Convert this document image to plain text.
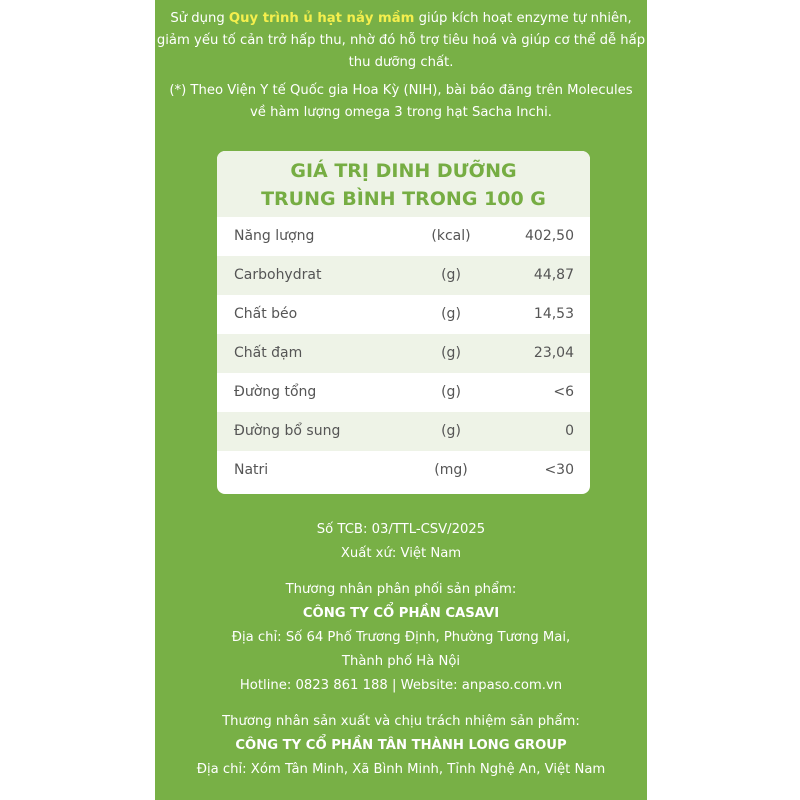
Sử dụng Quy trình ủ hạt nảy mầm giúp kích hoạt enzyme tự nhiên, giảm yếu tố cản trở hấp thu, nhờ đó hỗ trợ tiêu hoá và giúp cơ thể dễ hấp thu dưỡng chất.
(*) Theo Viện Y tế Quốc gia Hoa Kỳ (NIH), bài báo đăng trên Molecules
về hàm lượng omega 3 trong hạt Sacha Inchi.
GIÁ TRỊ DINH DƯỠNG
TRUNG BÌNH TRONG 100 G
Năng lượng	(kcal)	402,50
Carbohydrat	(g)	44,87
Chất béo	(g)	14,53
Chất đạm	(g)	23,04
Đường tổng	(g)	<6
Đường bổ sung	(g)	0
Natri	(mg)	<30
Số TCB: 03/TTL-CSV/2025
Xuất xứ: Việt Nam
Thương nhân phân phối sản phẩm:
CÔNG TY CỔ PHẦN CASAVI
Địa chỉ: Số 64 Phố Trương Định, Phường Tương Mai,
Thành phố Hà Nội
Hotline: 0823 861 188 | Website: anpaso.com.vn
Thương nhân sản xuất và chịu trách nhiệm sản phẩm:
CÔNG TY CỔ PHẦN TÂN THÀNH LONG GROUP
Địa chỉ: Xóm Tân Minh, Xã Bình Minh, Tỉnh Nghệ An, Việt Nam
